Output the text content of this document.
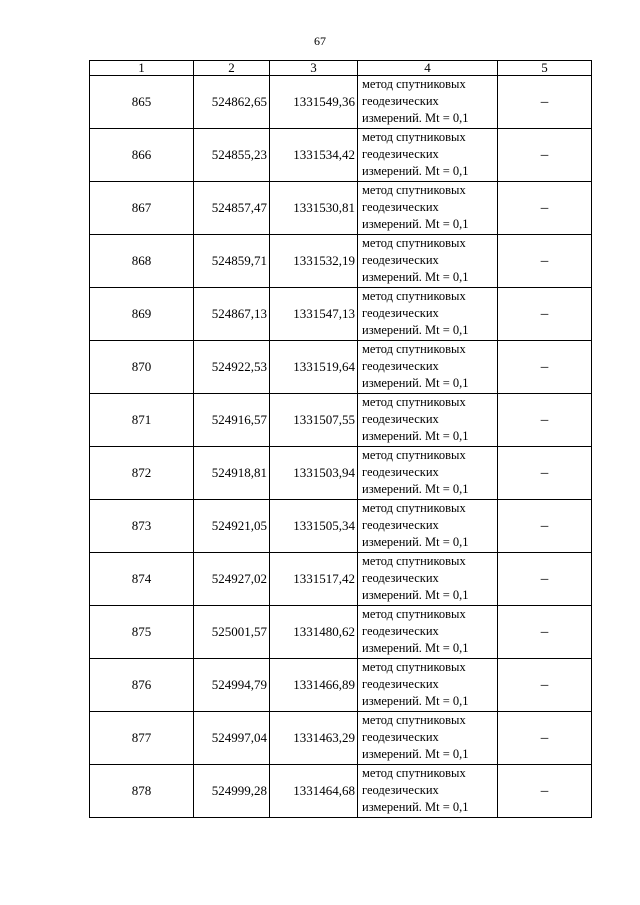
67
1	2	3	4	5
865	524862,65	1331549,36	метод спутниковых
геодезических
измерений. Mt = 0,1	–
866	524855,23	1331534,42	метод спутниковых
геодезических
измерений. Mt = 0,1	–
867	524857,47	1331530,81	метод спутниковых
геодезических
измерений. Mt = 0,1	–
868	524859,71	1331532,19	метод спутниковых
геодезических
измерений. Mt = 0,1	–
869	524867,13	1331547,13	метод спутниковых
геодезических
измерений. Mt = 0,1	–
870	524922,53	1331519,64	метод спутниковых
геодезических
измерений. Mt = 0,1	–
871	524916,57	1331507,55	метод спутниковых
геодезических
измерений. Mt = 0,1	–
872	524918,81	1331503,94	метод спутниковых
геодезических
измерений. Mt = 0,1	–
873	524921,05	1331505,34	метод спутниковых
геодезических
измерений. Mt = 0,1	–
874	524927,02	1331517,42	метод спутниковых
геодезических
измерений. Mt = 0,1	–
875	525001,57	1331480,62	метод спутниковых
геодезических
измерений. Mt = 0,1	–
876	524994,79	1331466,89	метод спутниковых
геодезических
измерений. Mt = 0,1	–
877	524997,04	1331463,29	метод спутниковых
геодезических
измерений. Mt = 0,1	–
878	524999,28	1331464,68	метод спутниковых
геодезических
измерений. Mt = 0,1	–
